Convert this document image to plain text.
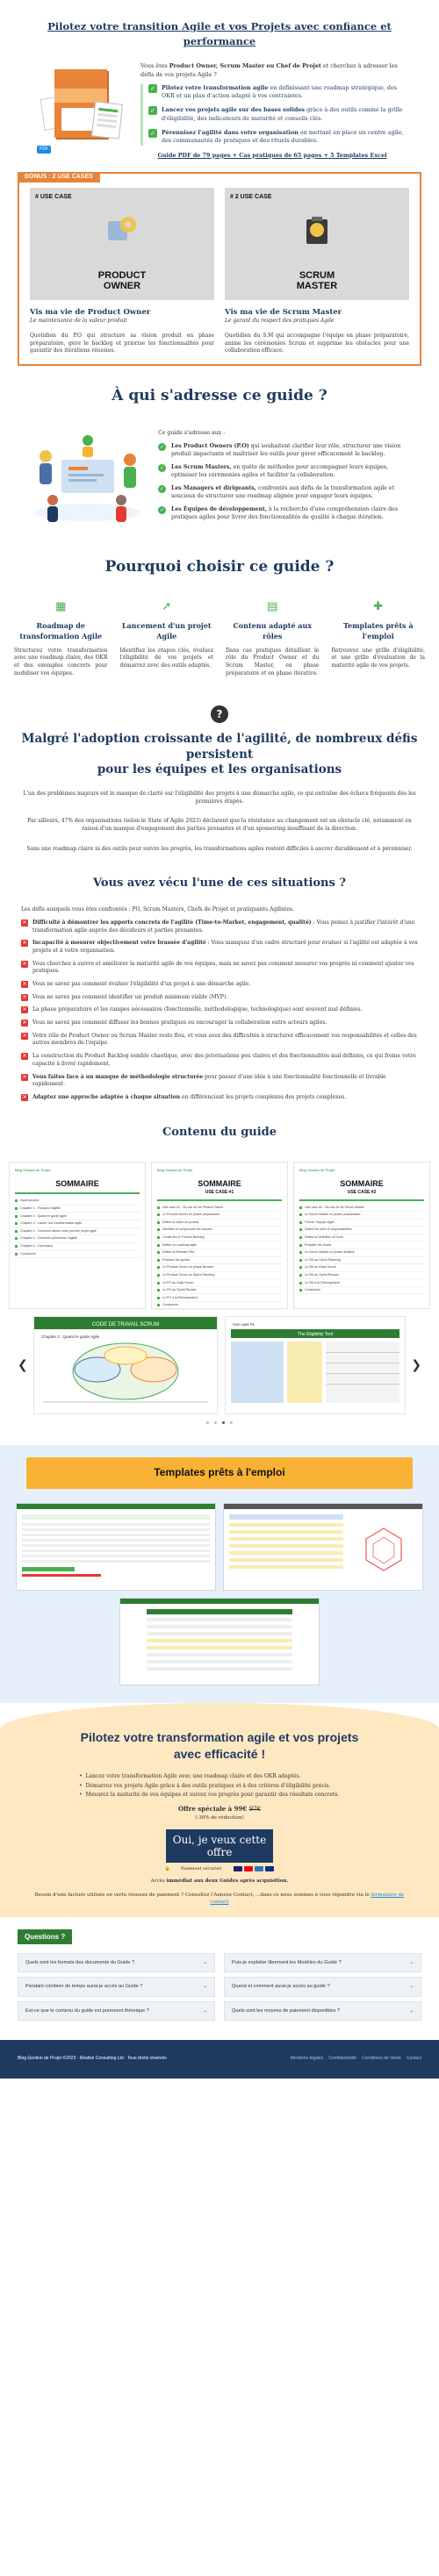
Pilotez votre transition Agile et vos Projets avec confiance et performance
PDF

Vous êtes Product Owner, Scrum Master ou Chef de Projet et cherchez à adresser les défis de vos projets Agile ?

✓	Pilotez votre transformation agile en définissant une roadmap stratégique, des OKR et un plan d'action adapté à vos contraintes.
✓	Lancez vos projets agile sur des bases solides grâce à des outils comme la grille d'éligibilité, des indicateurs de maturité et conseils clés.
✓	Pérennisez l'agilité dans votre organisation en mettant en place un centre agile, des communautés de pratiques et des rituels durables.

Guide PDF de 79 pages + Cas pratiques de 65 pages + 5 Templates Excel

BONUS : 2 USE CASES
# USE CASE
PRODUCT
OWNER
Vis ma vie de Product Owner
Le maintenance de la valeur produit

Quotidien du P.O qui structure sa vision produit en phase préparatoire, gère le backlog et priorise les fonctionnalités pour garantir des itérations réussies.

# 2 USE CASE
SCRUM
MASTER
Vis ma vie de Scrum Master
Le garant du respect des pratiques Agile

Quotidien du S.M qui accompagne l'équipe en phase préparatoire, anime les cérémonies Scrum et supprime les obstacles pour une collaboration efficace.

À qui s'adresse ce guide ?

Ce guide s'adresse aux :

✓	Les Product Owners (P.O) qui souhaitent clarifier leur rôle, structurer une vision produit impactante et maîtriser les outils pour gérer efficacement le backlog.
✓	Les Scrum Masters, en quête de méthodes pour accompagner leurs équipes, optimiser les cérémonies agiles et faciliter la collaboration.
✓	Les Managers et dirigeants, confrontés aux défis de la transformation agile et soucieux de structurer une roadmap alignée pour engager leurs équipes.
✓	Les Équipes de développement, à la recherche d'une compréhension claire des pratiques agiles pour livrer des fonctionnalités de qualité à chaque itération.
Pourquoi choisir ce guide ?
▦
Roadmap de transformation Agile

Structurez votre transformation avec une roadmap claire, des OKR et des exemples concrets pour mobiliser vos équipes.

➚
Lancement d'un projet Agile

Identifiez les étapes clés, évaluez l'éligibilité de vos projets et démarrez avec des outils adaptés.

▤
Contenu adapté aux rôles

Dans cas pratiques détaillent le rôle du Product Owner et du Scrum Master, en phase préparatoire et en phase itérative.

✚
Templates prêts à l'emploi

Retrouvez une grille d'éligibilité, et une grille d'évaluation de la maturité agile de vos projets.

?
Malgré l'adoption croissante de l'agilité, de nombreux défis persistent
pour les équipes et les organisations

L'un des problèmes majeurs est le manque de clarté sur l'éligibilité des projets à une démarche agile, ce qui entraîne des échecs fréquents dès les premières étapes.

Par ailleurs, 47% des organisations (selon le State of Agile 2023) déclarent que la résistance au changement est un obstacle clé, notamment en raison d'un manque d'engagement des parties prenantes et d'un sponsoring insuffisant de la direction.

Sans une roadmap claire ni des outils pour suivre les progrès, les transformations agiles restent difficiles à ancrer durablement et à pérenniser.

Vous avez vécu l'une de ces situations ?

Les défis auxquels vous êtes confrontés : PO, Scrum Masters, Chefs de Projet et pratiquants Agilistes.

✕ Difficulté à démontrer les apports concrets de l'agilité (Time-to-Market, engagement, qualité) : Vous peinez à justifier l'intérêt d'une transformation agile auprès des décideurs et parties prenantes.
✕ Incapacité à mesurer objectivement votre brassée d'agilité : Vous manquez d'un cadre structuré pour évaluer si l'agilité est adaptée à vos projets et à votre organisation.
✕ Vous cherchez à suivre et améliorer la maturité agile de vos équipes, mais ne savez pas comment mesurer vos progrès ni comment ajuster vos pratiques.
✕ Vous ne savez pas comment évaluer l'éligibilité d'un projet à une démarche agile.
✕ Vous ne savez pas comment identifier un produit minimum viable (MVP).
✕ La phase préparatoire et les rampes nécessaires (fonctionnelle, méthodologique, technologique) sont souvent mal définies.
✕ Vous ne savez pas comment diffuser les bonnes pratiques ou encourager la collaboration entre acteurs agiles.
✕ Votre rôle de Product Owner ou Scrum Master reste flou, et vous avez des difficultés à structurer efficacement vos responsabilités et celles des autres membres de l'équipe.
✕ La construction du Product Backlog semble chaotique, avec des priorisations peu claires et des fonctionnalités mal définies, ce qui freine votre capacité à livrer rapidement.
✕ Vous faites face à un manque de méthodologie structurée pour passer d'une idée à une fonctionnalité fonctionnelle et livrable rapidement.
✕ Adaptez une approche adaptée à chaque situation en différenciant les projets complexes des projets complexes.
Contenu du guide
Blog Gestion de Projet
SOMMAIRE
Avant-propos
Chapitre 1 : Pourquoi l'agilité
Chapitre 2 : Quand le guide Agile
Chapitre 3 : Lancer une transformation agile
Chapitre 4 : Comment lancer votre premier projet agile
Chapitre 5 : Comment pérenniser l'agilité
Chapitre 6 : Conclusion
Conclusion
Blog Gestion de Projet
SOMMAIRE
USE CASE #1
Use case #1 : Vis ma vie de Product Owner
Le Product Owner en phase préparatoire
Définir la vision du produit
Identifier et comprendre les besoins
Construire le Product Backlog
Définir un roadmap agile
Définir la Release Plan
Préparer les sprints
Le Product Owner en phase itérative
Le Product Owner au Sprint Planning
Le PO au Daily Scrum
Le PO au Sprint Review
Le PO à la Rétrospective
Conclusion
Blog Gestion de Projet
SOMMAIRE
USE CASE #2
Use case #2 : Vis ma vie de Scrum Master
Le Scrum Master en phase préparatoire
Former l'équipe Agile
Définir les rôles et responsabilités
Définir la Definition of Done
Préparer les rituels
Le Scrum Master en phase itérative
Le SM au Sprint Planning
Le SM au Daily Scrum
Le SM au Sprint Review
Le SM à la Rétrospective
Conclusion
❮
CODE DE TRAVAIL SCRUM
Chapitre 2 : Quand le guide Agile
Use case #1
The Eligibility Tool
❯
Templates prêts à l'emploi
Pilotez votre transformation agile et vos projets
avec efficacité !
• Lancez votre transformation Agile avec une roadmap claire et des OKR adaptés.
• Démarrez vos projets Agile grâce à des outils pratiques et à des critères d'éligibilité précis.
• Mesurez la maturité de vos équipes et suivez vos progrès pour garantir des résultats concrets.

Offre spéciale à 99€ 97€

(-30% de réduction)

Oui, je veux cette offre
🔒 Paiement sécurisé

Accès immédiat aux deux Guides après acquisition.

Besoin d'une facture utilisée en vertu réseaux de paiement ? Consultez l'Annexe Contact, ...dans ce nous sommes à vous répondre via le formulaire de contact

Questions ?
Quels sont les formats des documents du Guide ?	⌄	Puis-je exploiter librement les Modèles du Guide ?	⌄
Pendant combien de temps aurai-je accès au Guide ?	⌄	Quand et comment aurai-je accès au guide ?	⌄
Est-ce que le contenu du guide est purement théorique ?	⌄	Quels sont les moyens de paiement disponibles ?	⌄
Blog Gestion de Projet ©2023 · Réalisé Consulting Ltd · Tous droits réservés	Mentions légales Confidentialité Conditions de Vente Contact
